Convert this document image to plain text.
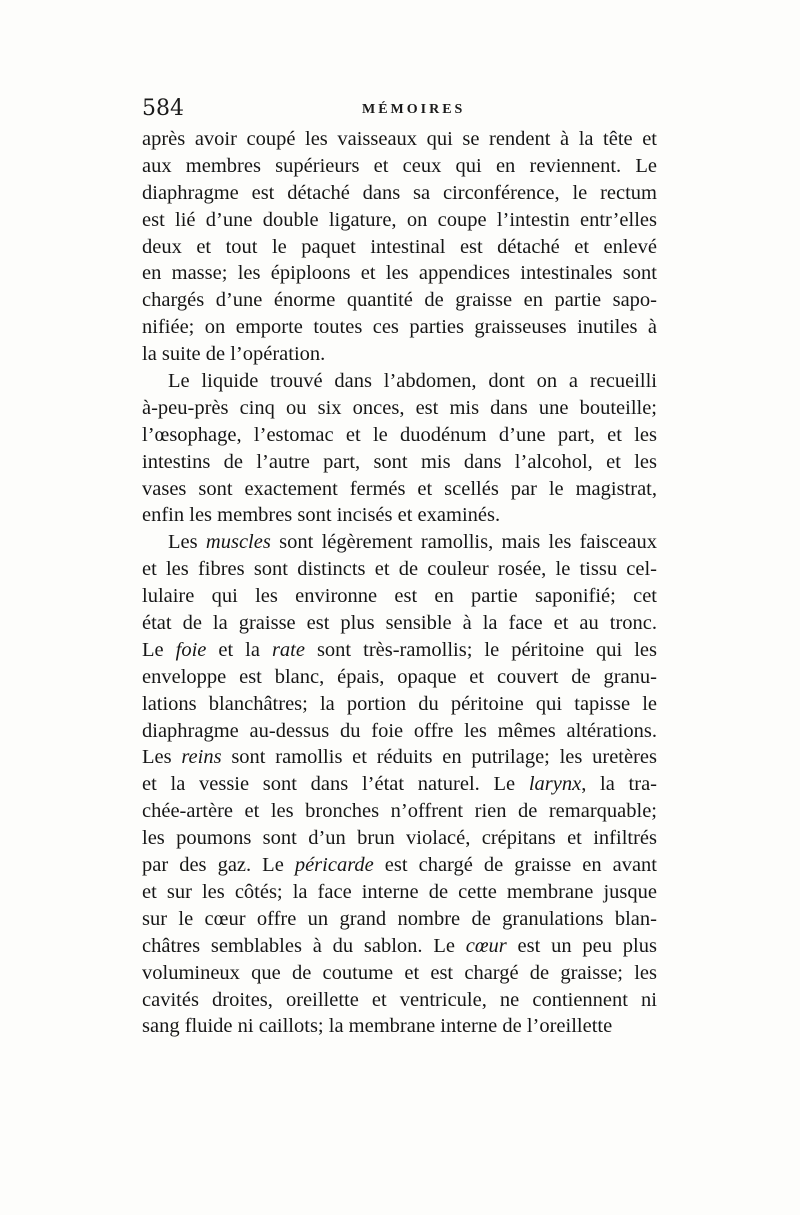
584	MÉMOIRES
après avoir coupé les vaisseaux qui se rendent à la tête et
aux membres supérieurs et ceux qui en reviennent. Le
diaphragme est détaché dans sa circonférence, le rectum
est lié d’une double ligature, on coupe l’intestin entr’elles
deux et tout le paquet intestinal est détaché et enlevé
en masse; les épiploons et les appendices intestinales sont
chargés d’une énorme quantité de graisse en partie sapo-
nifiée; on emporte toutes ces parties graisseuses inutiles à
la suite de l’opération.
Le liquide trouvé dans l’abdomen, dont on a recueilli
à-peu-près cinq ou six onces, est mis dans une bouteille;
l’œsophage, l’estomac et le duodénum d’une part, et les
intestins de l’autre part, sont mis dans l’alcohol, et les
vases sont exactement fermés et scellés par le magistrat,
enfin les membres sont incisés et examinés.
Les muscles sont légèrement ramollis, mais les faisceaux
et les fibres sont distincts et de couleur rosée, le tissu cel-
lulaire qui les environne est en partie saponifié; cet
état de la graisse est plus sensible à la face et au tronc.
Le foie et la rate sont très-ramollis; le péritoine qui les
enveloppe est blanc, épais, opaque et couvert de granu-
lations blanchâtres; la portion du péritoine qui tapisse le
diaphragme au-dessus du foie offre les mêmes altérations.
Les reins sont ramollis et réduits en putrilage; les uretères
et la vessie sont dans l’état naturel. Le larynx, la tra-
chée-artère et les bronches n’offrent rien de remarquable;
les poumons sont d’un brun violacé, crépitans et infiltrés
par des gaz. Le péricarde est chargé de graisse en avant
et sur les côtés; la face interne de cette membrane jusque
sur le cœur offre un grand nombre de granulations blan-
châtres semblables à du sablon. Le cœur est un peu plus
volumineux que de coutume et est chargé de graisse; les
cavités droites, oreillette et ventricule, ne contiennent ni
sang fluide ni caillots; la membrane interne de l’oreillette
